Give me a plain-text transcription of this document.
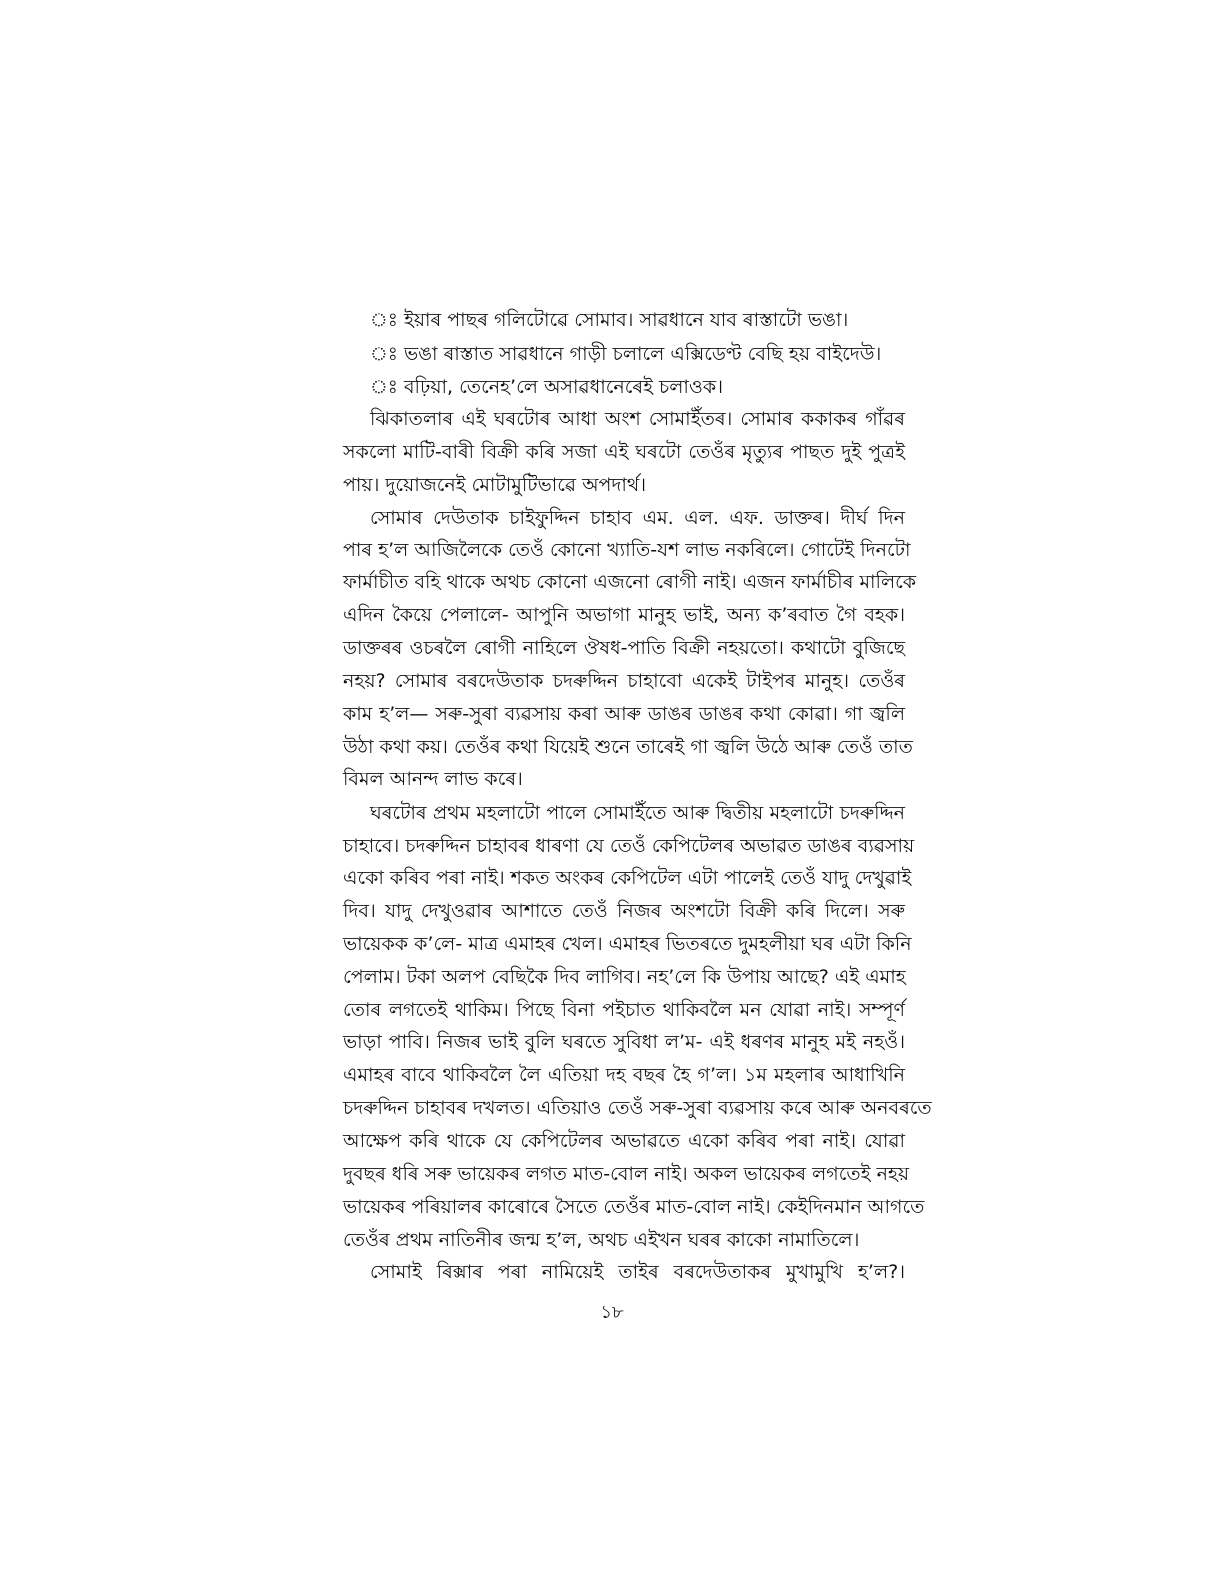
ঃ ইয়াৰ পাছৰ গলিটোৱে সোমাব। সাৱধানে যাব ৰাস্তাটো ভঙা।
ঃ ভঙা ৰাস্তাত সাৱধানে গাড়ী চলালে এক্সিডেণ্ট বেছি হয় বাইদেউ।
ঃ বঢ়িয়া, তেনেহ’লে অসাৱধানেৰেই চলাওক।
ঝিকাতলাৰ এই ঘৰটোৰ আধা অংশ সোমাইঁতৰ। সোমাৰ ককাকৰ গাঁৱৰ
সকলো মাটি-বাৰী বিক্ৰী কৰি সজা এই ঘৰটো তেওঁৰ মৃত্যুৰ পাছত দুই পুত্ৰই
পায়। দুয়োজনেই মোটামুটিভাৱে অপদাৰ্থ।
সোমাৰ দেউতাক চাইফুদ্দিন চাহাব এম. এল. এফ. ডাক্তৰ। দীৰ্ঘ দিন
পাৰ হ’ল আজিলৈকে তেওঁ কোনো খ্যাতি-যশ লাভ নকৰিলে। গোটেই দিনটো
ফাৰ্মাচীত বহি থাকে অথচ কোনো এজনো ৰোগী নাই। এজন ফাৰ্মাচীৰ মালিকে
এদিন কৈয়ে পেলালে- আপুনি অভাগা মানুহ ভাই, অন্য ক’ৰবাত গৈ বহক।
ডাক্তৰৰ ওচৰলৈ ৰোগী নাহিলে ঔষধ-পাতি বিক্ৰী নহয়তো। কথাটো বুজিছে
নহয়? সোমাৰ বৰদেউতাক চদৰুদ্দিন চাহাবো একেই টাইপৰ মানুহ। তেওঁৰ
কাম হ’ল— সৰু-সুৰা ব্যৱসায় কৰা আৰু ডাঙৰ ডাঙৰ কথা কোৱা। গা জ্বলি
উঠা কথা কয়। তেওঁৰ কথা যিয়েই শুনে তাৰেই গা জ্বলি উঠে আৰু তেওঁ তাত
বিমল আনন্দ লাভ কৰে।
ঘৰটোৰ প্ৰথম মহলাটো পালে সোমাইঁতে আৰু দ্বিতীয় মহলাটো চদৰুদ্দিন
চাহাবে। চদৰুদ্দিন চাহাবৰ ধাৰণা যে তেওঁ কেপিটেলৰ অভাৱত ডাঙৰ ব্যৱসায়
একো কৰিব পৰা নাই। শকত অংকৰ কেপিটেল এটা পালেই তেওঁ যাদু দেখুৱাই
দিব। যাদু দেখুওৱাৰ আশাতে তেওঁ নিজৰ অংশটো বিক্ৰী কৰি দিলে। সৰু
ভায়েকক ক’লে- মাত্ৰ এমাহৰ খেল। এমাহৰ ভিতৰতে দুমহলীয়া ঘৰ এটা কিনি
পেলাম। টকা অলপ বেছিকৈ দিব লাগিব। নহ’লে কি উপায় আছে? এই এমাহ
তোৰ লগতেই থাকিম। পিছে বিনা পইচাত থাকিবলৈ মন যোৱা নাই। সম্পূৰ্ণ
ভাড়া পাবি। নিজৰ ভাই বুলি ঘৰতে সুবিধা ল’ম- এই ধৰণৰ মানুহ মই নহওঁ।
এমাহৰ বাবে থাকিবলৈ লৈ এতিয়া দহ বছৰ হৈ গ’ল। ১ম মহলাৰ আধাখিনি
চদৰুদ্দিন চাহাবৰ দখলত। এতিয়াও তেওঁ সৰু-সুৰা ব্যৱসায় কৰে আৰু অনবৰতে
আক্ষেপ কৰি থাকে যে কেপিটেলৰ অভাৱতে একো কৰিব পৰা নাই। যোৱা
দুবছৰ ধৰি সৰু ভায়েকৰ লগত মাত-বোল নাই। অকল ভায়েকৰ লগতেই নহয়
ভায়েকৰ পৰিয়ালৰ কাৰোৰে সৈতে তেওঁৰ মাত-বোল নাই। কেইদিনমান আগতে
তেওঁৰ প্ৰথম নাতিনীৰ জন্ম হ’ল, অথচ এইখন ঘৰৰ কাকো নামাতিলে।
সোমাই ৰিক্সাৰ পৰা নামিয়েই তাইৰ বৰদেউতাকৰ মুখামুখি হ’ল?।
১৮
